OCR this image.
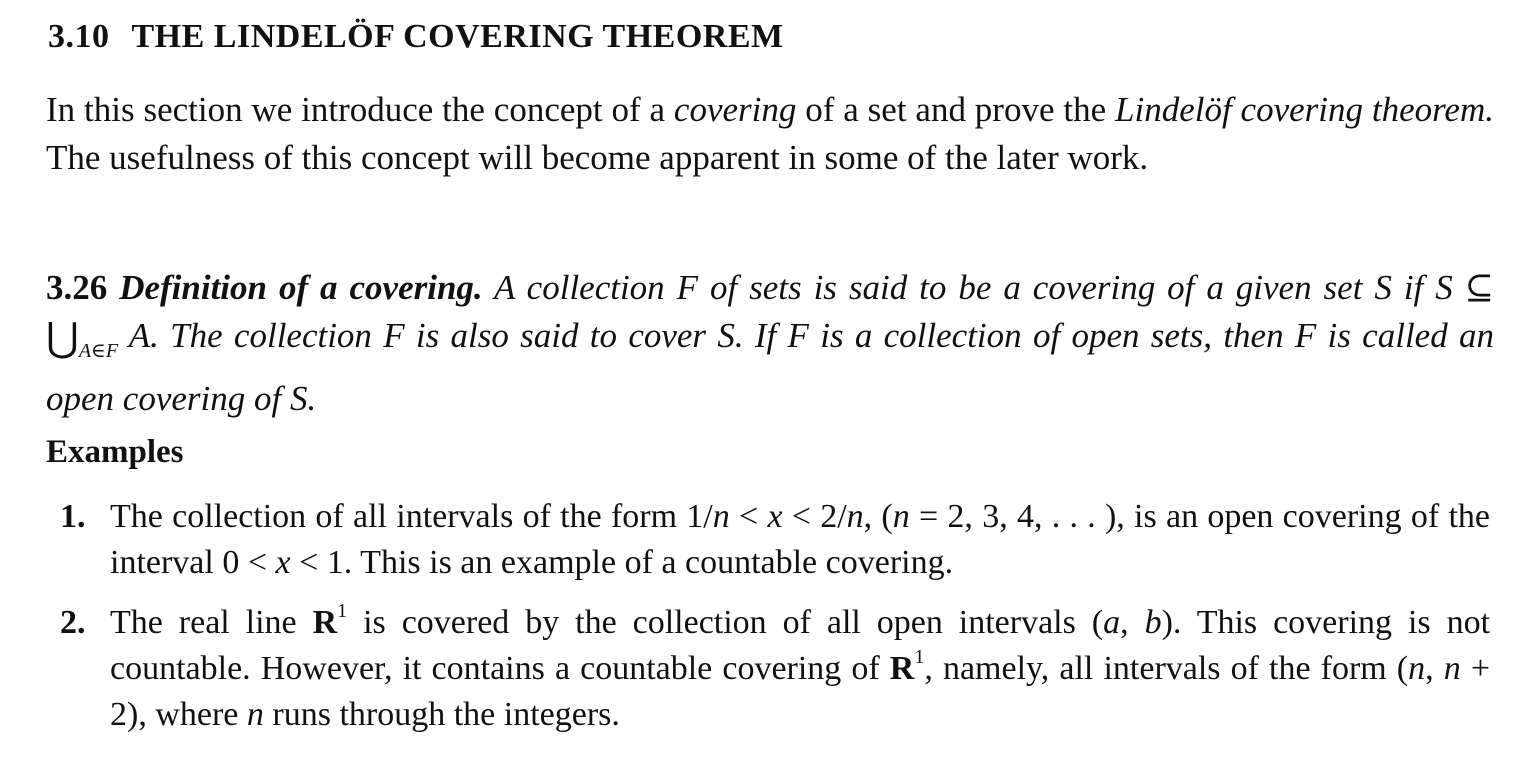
3.10 THE LINDELÖF COVERING THEOREM
In this section we introduce the concept of a covering of a set and prove the Lindelöf covering theorem. The usefulness of this concept will become apparent in some of the later work.
3.26 Definition of a covering. A collection F of sets is said to be a covering of a given set S if S ⊆ $⋃_{A\in F}$ A. The collection F is also said to cover S. If F is a collection of open sets, then F is called an open covering of S.
Examples
1. The collection of all intervals of the form 1/n < x < 2/n, (n = 2, 3, 4, . . . ), is an open covering of the interval 0 < x < 1. This is an example of a countable covering.
2. The real line $R^1$ is covered by the collection of all open intervals (a, b). This covering is not countable. However, it contains a countable covering of $R^1$, namely, all intervals of the form (n, n + 2), where n runs through the integers.
